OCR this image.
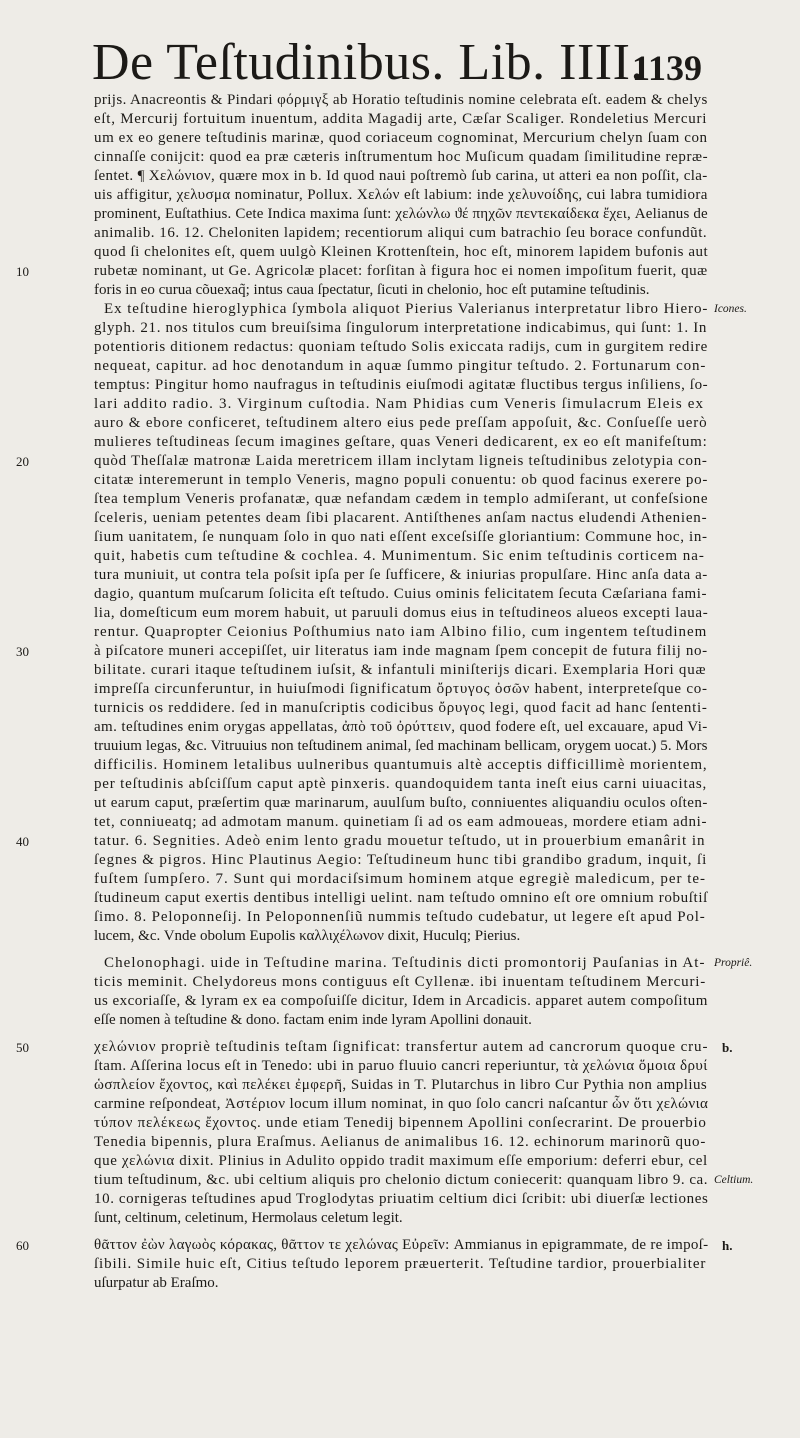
De Teſtudinibus. Lib. IIII.
1139
prijs. Anacreontis & Pindari φόρμιγξ ab Horatio teſtudinis nomine celebrata eſt. eadem & chelys
eſt, Mercurij fortuitum inuentum, addita Magadij arte, Cæſar Scaliger. Rondeletius Mercuri
um ex eo genere teſtudinis marinæ, quod coriaceum cognominat, Mercurium chelyn ſuam con
cinnaſſe conijcit: quod ea præ cæteris inſtrumentum hoc Muſicum quadam ſimilitudine repræ-
ſentet. ¶ Χελώνιον, quære mox in b. Id quod naui poſtremò ſub carina, ut atteri ea non poſſit, cla-
uis affigitur, χελυσμα nominatur, Pollux. Χελών eſt labium: inde χελυνοίδης, cui labra tumidiora
prominent, Euſtathius. Cete Indica maxima ſunt: χελώνλω ϑέ πηχῶν πεντεκαίδεκα ἔχει, Aelianus de
animalib. 16. 12. Cheloniten lapidem; recentiorum aliqui cum batrachio ſeu borace confundũt.
quod ſi chelonites eſt, quem uulgò Kleinen Krottenſtein, hoc eſt, minorem lapidem bufonis aut
rubetæ nominant, ut Ge. Agricolæ placet: forſitan à figura hoc ei nomen impoſitum fuerit, quæ
10
foris in eo curua cõuexaq̃; intus caua ſpectatur, ſicuti in chelonio, hoc eſt putamine teſtudinis.
Ex teſtudine hieroglyphica ſymbola aliquot Pierius Valerianus interpretatur libro Hiero- Icones.
glyph. 21. nos titulos cum breuiſsima ſingulorum interpretatione indicabimus, qui ſunt: 1. In
potentioris ditionem redactus: quoniam teſtudo Solis exiccata radijs, cum in gurgitem redire
nequeat, capitur. ad hoc denotandum in aquæ ſummo pingitur teſtudo. 2. Fortunarum con-
temptus: Pingitur homo naufragus in teſtudinis eiuſmodi agitatæ fluctibus tergus inſiliens, ſo-
lari addito radio. 3. Virginum cuſtodia. Nam Phidias cum Veneris ſimulacrum Eleis ex
auro & ebore conficeret, teſtudinem altero eius pede preſſam appoſuit, &c. Conſueſſe uerò
mulieres teſtudineas ſecum imagines geſtare, quas Veneri dedicarent, ex eo eſt manifeſtum:
quòd Theſſalæ matronæ Laida meretricem illam inclytam ligneis teſtudinibus zelotypia con-
20
citatæ interemerunt in templo Veneris, magno populi conuentu: ob quod facinus exerere po-
ſtea templum Veneris profanatæ, quæ nefandam cædem in templo admiſerant, ut confeſsione
ſceleris, ueniam petentes deam ſibi placarent. Antiſthenes anſam nactus eludendi Athenien-
ſium uanitatem, ſe nunquam ſolo in quo nati eſſent exceſsiſſe gloriantium: Commune hoc, in-
quit, habetis cum teſtudine & cochlea. 4. Munimentum. Sic enim teſtudinis corticem na-
tura muniuit, ut contra tela poſsit ipſa per ſe ſufficere, & iniurias propulſare. Hinc anſa data a-
dagio, quantum muſcarum ſolicita eſt teſtudo. Cuius ominis felicitatem ſecuta Cæſariana fami-
lia, domeſticum eum morem habuit, ut paruuli domus eius in teſtudineos alueos excepti laua-
rentur. Quapropter Ceionius Poſthumius nato iam Albino filio, cum ingentem teſtudinem
à piſcatore muneri accepiſſet, uir literatus iam inde magnam ſpem concepit de futura filij no-
30
bilitate. curari itaque teſtudinem iuſsit, & infantuli miniſterijs dicari. Exemplaria Hori quæ
impreſſa circunferuntur, in huiuſmodi ſignificatum ὄρτυγος ὀσῶν habent, interpreteſque co-
turnicis os reddidere. ſed in manuſcriptis codicibus ὄρυγος legi, quod facit ad hanc ſententi-
am. teſtudines enim orygas appellatas, ἀπὸ τοῦ ὀρύττειν, quod fodere eſt, uel excauare, apud Vi-
truuium legas, &c. Vitruuius non teſtudinem animal, ſed machinam bellicam, orygem uocat.) 5. Mors
difficilis. Hominem letalibus uulneribus quantumuis altè acceptis difficillimè morientem,
per teſtudinis abſciſſum caput aptè pinxeris. quandoquidem tanta ineſt eius carni uiuacitas,
ut earum caput, præſertim quæ marinarum, auulſum buſto, conniuentes aliquandiu oculos oſten-
tet, conniueatq; ad admotam manum. quinetiam ſi ad os eam admoueas, mordere etiam adni-
tatur. 6. Segnities. Adeò enim lento gradu mouetur teſtudo, ut in prouerbium emanârit in
40
ſegnes & pigros. Hinc Plautinus Aegio: Teſtudineum hunc tibi grandibo gradum, inquit, ſi
fuſtem ſumpſero. 7. Sunt qui mordaciſsimum hominem atque egregiè maledicum, per te-
ſtudineum caput exertis dentibus intelligi uelint. nam teſtudo omnino eſt ore omnium robuſtiſ
ſimo. 8. Peloponneſij. In Peloponnenſiũ nummis teſtudo cudebatur, ut legere eſt apud Pol-
lucem, &c. Vnde obolum Eupolis καλλιχέλωνον dixit, Huculq; Pierius.
Chelonophagi. uide in Teſtudine marina. Teſtudinis dicti promontorij Pauſanias in At- Propriê.
ticis meminit. Chelydoreus mons contiguus eſt Cyllenæ. ibi inuentam teſtudinem Mercuri-
us excoriaſſe, & lyram ex ea compoſuiſſe dicitur, Idem in Arcadicis. apparet autem compoſitum
eſſe nomen à teſtudine & dono. factam enim inde lyram Apollini donauit.
χελώνιον propriè teſtudinis teſtam ſignificat: transfertur autem ad cancrorum quoque cru-
50	b.
ſtam. Aſſerina locus eſt in Tenedo: ubi in paruo fluuio cancri reperiuntur, τὰ χελώνια ὅμοια δρυί
ὡσπλείον ἔχοντος, καὶ πελέκει ἐμφερῆ, Suidas in T. Plutarchus in libro Cur Pythia non amplius
carmine reſpondeat, Ἀστέριον locum illum nominat, in quo ſolo cancri naſcantur ὧν ὅτι χελώνια
τύπον πελέκεως ἔχοντος. unde etiam Tenedij bipennem Apollini conſecrarint. De prouerbio
Tenedia bipennis, plura Eraſmus. Aelianus de animalibus 16. 12. echinorum marinorũ quo-
que χελώνια dixit. Plinius in Adulito oppido tradit maximum eſſe emporium: deferri ebur, cel
tium teſtudinum, &c. ubi celtium aliquis pro chelonio dictum coniecerit: quanquam libro 9. ca. Celtium.
10. cornigeras teſtudines apud Troglodytas priuatim celtium dici ſcribit: ubi diuerſæ lectiones
ſunt, celtinum, celetinum, Hermolaus celetum legit.
θᾶττον ἐὼν λαγωὸς κόρακας, θᾶττον τε χελώνας Εὐρεῖν: Ammianus in epigrammate, de re impoſ-
60	h.
ſibili. Simile huic eſt, Citius teſtudo leporem præuerterit. Teſtudine tardior, prouerbialiter
uſurpatur ab Eraſmo.
